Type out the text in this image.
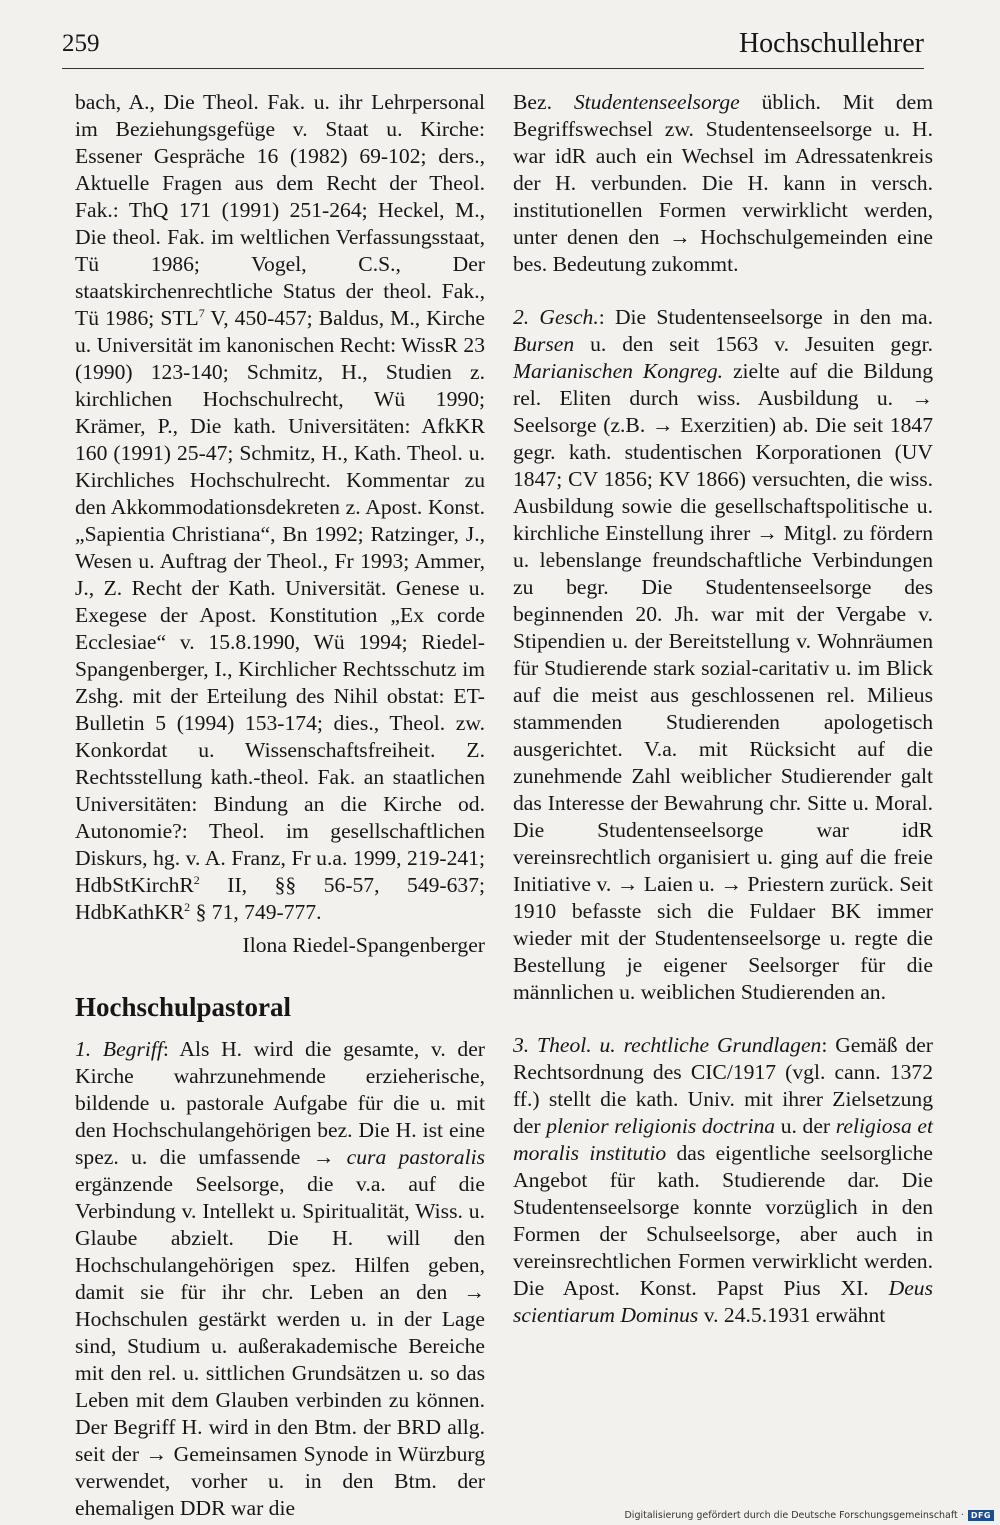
259	Hochschullehrer

bach, A., Die Theol. Fak. u. ihr Lehrpersonal im Beziehungsgefüge v. Staat u. Kirche: Essener Gespräche 16 (1982) 69-102; ders., Aktuelle Fragen aus dem Recht der Theol. Fak.: ThQ 171 (1991) 251-264; Heckel, M., Die theol. Fak. im weltlichen Verfassungsstaat, Tü 1986; Vogel, C.S., Der staatskirchenrechtliche Status der theol. Fak., Tü 1986; STL$^7$ V, 450-457; Baldus, M., Kirche u. Universität im kanonischen Recht: WissR 23 (1990) 123-140; Schmitz, H., Studien z. kirchlichen Hochschulrecht, Wü 1990; Krämer, P., Die kath. Universitäten: AfkKR 160 (1991) 25-47; Schmitz, H., Kath. Theol. u. Kirchliches Hochschulrecht. Kommentar zu den Akkommodationsdekreten z. Apost. Konst. „Sapientia Christiana“, Bn 1992; Ratzinger, J., Wesen u. Auftrag der Theol., Fr 1993; Ammer, J., Z. Recht der Kath. Universität. Genese u. Exegese der Apost. Konstitution „Ex corde Ecclesiae“ v. 15.8.1990, Wü 1994; Riedel-Spangenberger, I., Kirchlicher Rechtsschutz im Zshg. mit der Erteilung des Nihil obstat: ET-Bulletin 5 (1994) 153-174; dies., Theol. zw. Konkordat u. Wissenschaftsfreiheit. Z. Rechtsstellung kath.-theol. Fak. an staatlichen Universitäten: Bindung an die Kirche od. Autonomie?: Theol. im gesellschaftlichen Diskurs, hg. v. A. Franz, Fr u.a. 1999, 219-241; HdbStKirchR$^2$ II, §§ 56-57, 549-637; HdbKathKR$^2$ § 71, 749-777.

Ilona Riedel-Spangenberger

Hochschulpastoral

1. Begriff: Als H. wird die gesamte, v. der Kirche wahrzunehmende erzieherische, bildende u. pastorale Aufgabe für die u. mit den Hochschulangehörigen bez. Die H. ist eine spez. u. die umfassende → cura pastoralis ergänzende Seelsorge, die v.a. auf die Verbindung v. Intellekt u. Spiritualität, Wiss. u. Glaube abzielt. Die H. will den Hochschulangehörigen spez. Hilfen geben, damit sie für ihr chr. Leben an den → Hochschulen gestärkt werden u. in der Lage sind, Studium u. außerakademische Bereiche mit den rel. u. sittlichen Grundsätzen u. so das Leben mit dem Glauben verbinden zu können. Der Begriff H. wird in den Btm. der BRD allg. seit der → Gemeinsamen Synode in Würzburg verwendet, vorher u. in den Btm. der ehemaligen DDR war die

Bez. Studentenseelsorge üblich. Mit dem Begriffswechsel zw. Studentenseelsorge u. H. war idR auch ein Wechsel im Adressatenkreis der H. verbunden. Die H. kann in versch. institutionellen Formen verwirklicht werden, unter denen den → Hochschulgemeinden eine bes. Bedeutung zukommt.

2. Gesch.: Die Studentenseelsorge in den ma. Bursen u. den seit 1563 v. Jesuiten gegr. Marianischen Kongreg. zielte auf die Bildung rel. Eliten durch wiss. Ausbildung u. → Seelsorge (z.B. → Exerzitien) ab. Die seit 1847 gegr. kath. studentischen Korporationen (UV 1847; CV 1856; KV 1866) versuchten, die wiss. Ausbildung sowie die gesellschaftspolitische u. kirchliche Einstellung ihrer → Mitgl. zu fördern u. lebenslange freundschaftliche Verbindungen zu begr. Die Studentenseelsorge des beginnenden 20. Jh. war mit der Vergabe v. Stipendien u. der Bereitstellung v. Wohnräumen für Studierende stark sozial-caritativ u. im Blick auf die meist aus geschlossenen rel. Milieus stammenden Studierenden apologetisch ausgerichtet. V.a. mit Rücksicht auf die zunehmende Zahl weiblicher Studierender galt das Interesse der Bewahrung chr. Sitte u. Moral. Die Studentenseelsorge war idR vereinsrechtlich organisiert u. ging auf die freie Initiative v. → Laien u. → Priestern zurück. Seit 1910 befasste sich die Fuldaer BK immer wieder mit der Studentenseelsorge u. regte die Bestellung je eigener Seelsorger für die männlichen u. weiblichen Studierenden an.

3. Theol. u. rechtliche Grundlagen: Gemäß der Rechtsordnung des CIC/1917 (vgl. cann. 1372 ff.) stellt die kath. Univ. mit ihrer Zielsetzung der plenior religionis doctrina u. der religiosa et moralis institutio das eigentliche seelsorgliche Angebot für kath. Studierende dar. Die Studentenseelsorge konnte vorzüglich in den Formen der Schulseelsorge, aber auch in vereinsrechtlichen Formen verwirklicht werden. Die Apost. Konst. Papst Pius XI. Deus scientiarum Dominus v. 24.5.1931 erwähnt

Digitalisierung gefördert durch die Deutsche Forschungsgemeinschaft · DFG
